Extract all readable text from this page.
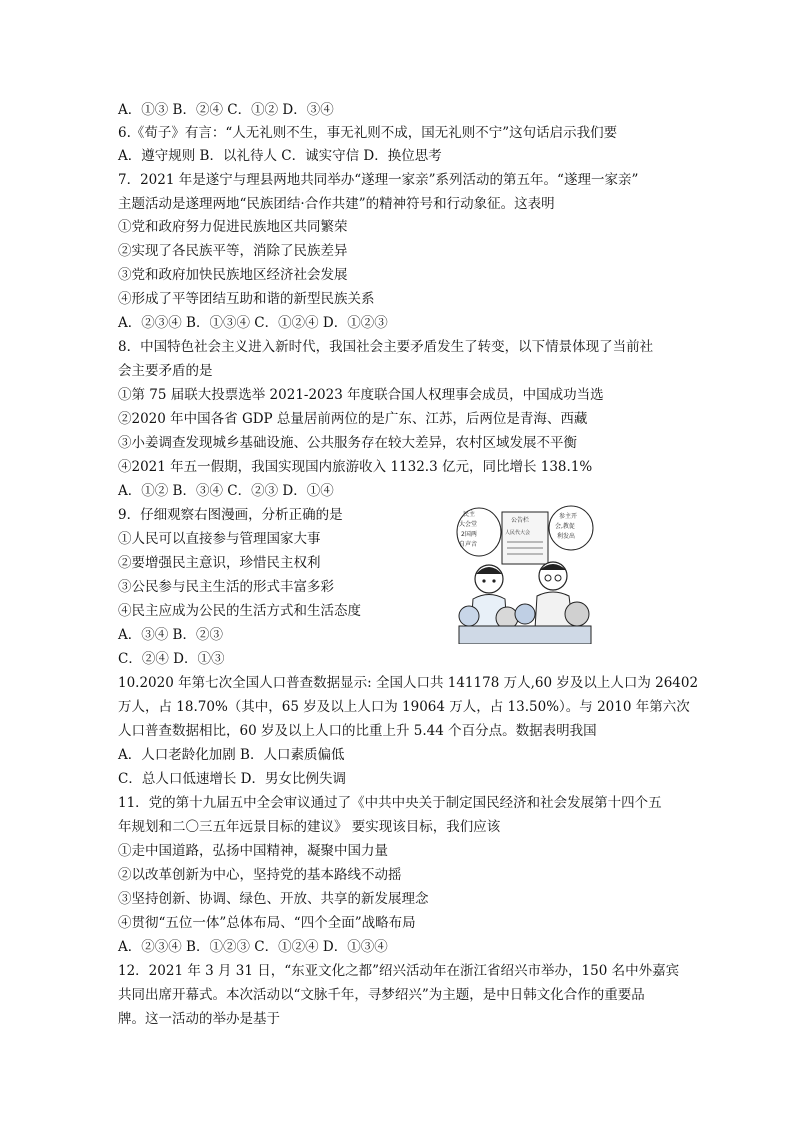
A．①③ B．②④ C．①② D．③④
6.《荀子》有言：“人无礼则不生，事无礼则不成，国无礼则不宁”这句话启示我们要
A．遵守规则 B．以礼待人 C．诚实守信 D．换位思考
7．2021 年是遂宁与理县两地共同举办“遂理一家亲”系列活动的第五年。“遂理一家亲”
主题活动是遂理两地“民族团结·合作共建”的精神符号和行动象征。这表明
①党和政府努力促进民族地区共同繁荣
②实现了各民族平等，消除了民族差异
③党和政府加快民族地区经济社会发展
④形成了平等团结互助和谐的新型民族关系
A．②③④ B．①③④ C．①②④ D．①②③
8．中国特色社会主义进入新时代，我国社会主要矛盾发生了转变，以下情景体现了当前社
会主要矛盾的是
①第 75 届联大投票选举 2021-2023 年度联合国人权理事会成员，中国成功当选
②2020 年中国各省 GDP 总量居前两位的是广东、江苏，后两位是青海、西藏
③小姜调查发现城乡基础设施、公共服务存在较大差异，农村区域发展不平衡
④2021 年五一假期，我国实现国内旅游收入 1132.3 亿元，同比增长 138.1%
A．①② B．③④ C．②③ D．①④
9．仔细观察右图漫画，分析正确的是
①人民可以直接参与管理国家大事
②要增强民主意识，珍惜民主权利
③公民参与民主生活的形式丰富多彩
④民主应成为公民的生活方式和生活态度
A．③④ B．②③
C．②④ D．①③
10.2020 年第七次全国人口普查数据显示: 全国人口共 141178 万人,60 岁及以上人口为 26402
万人，占 18.70%（其中，65 岁及以上人口为 19064 万人，占 13.50%）。与 2010 年第六次
人口普查数据相比，60 岁及以上人口的比重上升 5.44 个百分点。数据表明我国
A．人口老龄化加剧 B．人口素质偏低
C．总人口低速增长 D．男女比例失调
11．党的第十九届五中全会审议通过了《中共中央关于制定国民经济和社会发展第十四个五
年规划和二〇三五年远景目标的建议》 要实现该目标，我们应该
①走中国道路，弘扬中国精神，凝聚中国力量
②以改革创新为中心，坚持党的基本路线不动摇
③坚持创新、协调、绿色、开放、共享的新发展理念
④贯彻“五位一体”总体布局、“四个全面”战略布局
A．②③④ B．①②③ C．①②④ D．①③④
12．2021 年 3 月 31 日，“东亚文化之都”绍兴活动年在浙江省绍兴市举办，150 名中外嘉宾
共同出席开幕式。本次活动以“文脉千年，寻梦绍兴”为主题，是中日韩文化合作的重要品
牌。这一活动的举办是基于
民主
大会堂
2国两
自声音
公告栏
人民代大会
参主开
会,教促
利发出
